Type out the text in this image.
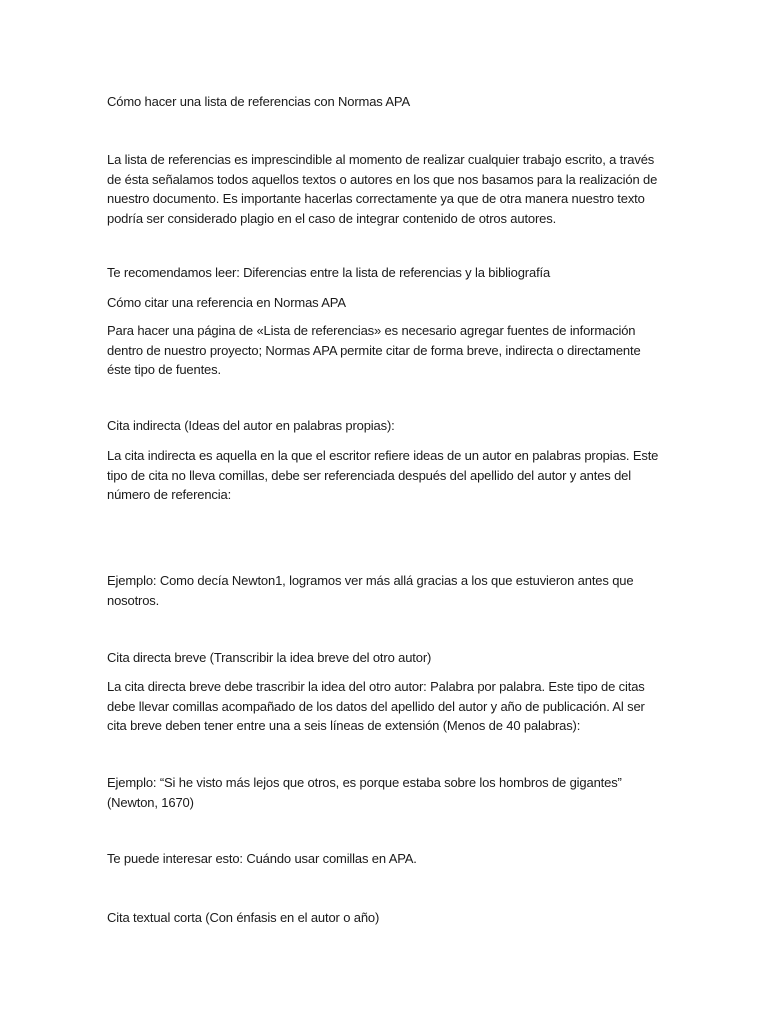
Cómo hacer una lista de referencias con Normas APA

La lista de referencias es imprescindible al momento de realizar cualquier trabajo escrito, a través de ésta señalamos todos aquellos textos o autores en los que nos basamos para la realización de nuestro documento. Es importante hacerlas correctamente ya que de otra manera nuestro texto podría ser considerado plagio en el caso de integrar contenido de otros autores.

Te recomendamos leer: Diferencias entre la lista de referencias y la bibliografía

Cómo citar una referencia en Normas APA

Para hacer una página de «Lista de referencias» es necesario agregar fuentes de información dentro de nuestro proyecto; Normas APA permite citar de forma breve, indirecta o directamente éste tipo de fuentes.

Cita indirecta (Ideas del autor en palabras propias):

La cita indirecta es aquella en la que el escritor refiere ideas de un autor en palabras propias. Este tipo de cita no lleva comillas, debe ser referenciada después del apellido del autor y antes del número de referencia:

Ejemplo: Como decía Newton1, logramos ver más allá gracias a los que estuvieron antes que nosotros.

Cita directa breve (Transcribir la idea breve del otro autor)

La cita directa breve debe trascribir la idea del otro autor: Palabra por palabra. Este tipo de citas debe llevar comillas acompañado de los datos del apellido del autor y año de publicación. Al ser cita breve deben tener entre una a seis líneas de extensión (Menos de 40 palabras):

Ejemplo: “Si he visto más lejos que otros, es porque estaba sobre los hombros de gigantes” (Newton, 1670)

Te puede interesar esto: Cuándo usar comillas en APA.

Cita textual corta (Con énfasis en el autor o año)
